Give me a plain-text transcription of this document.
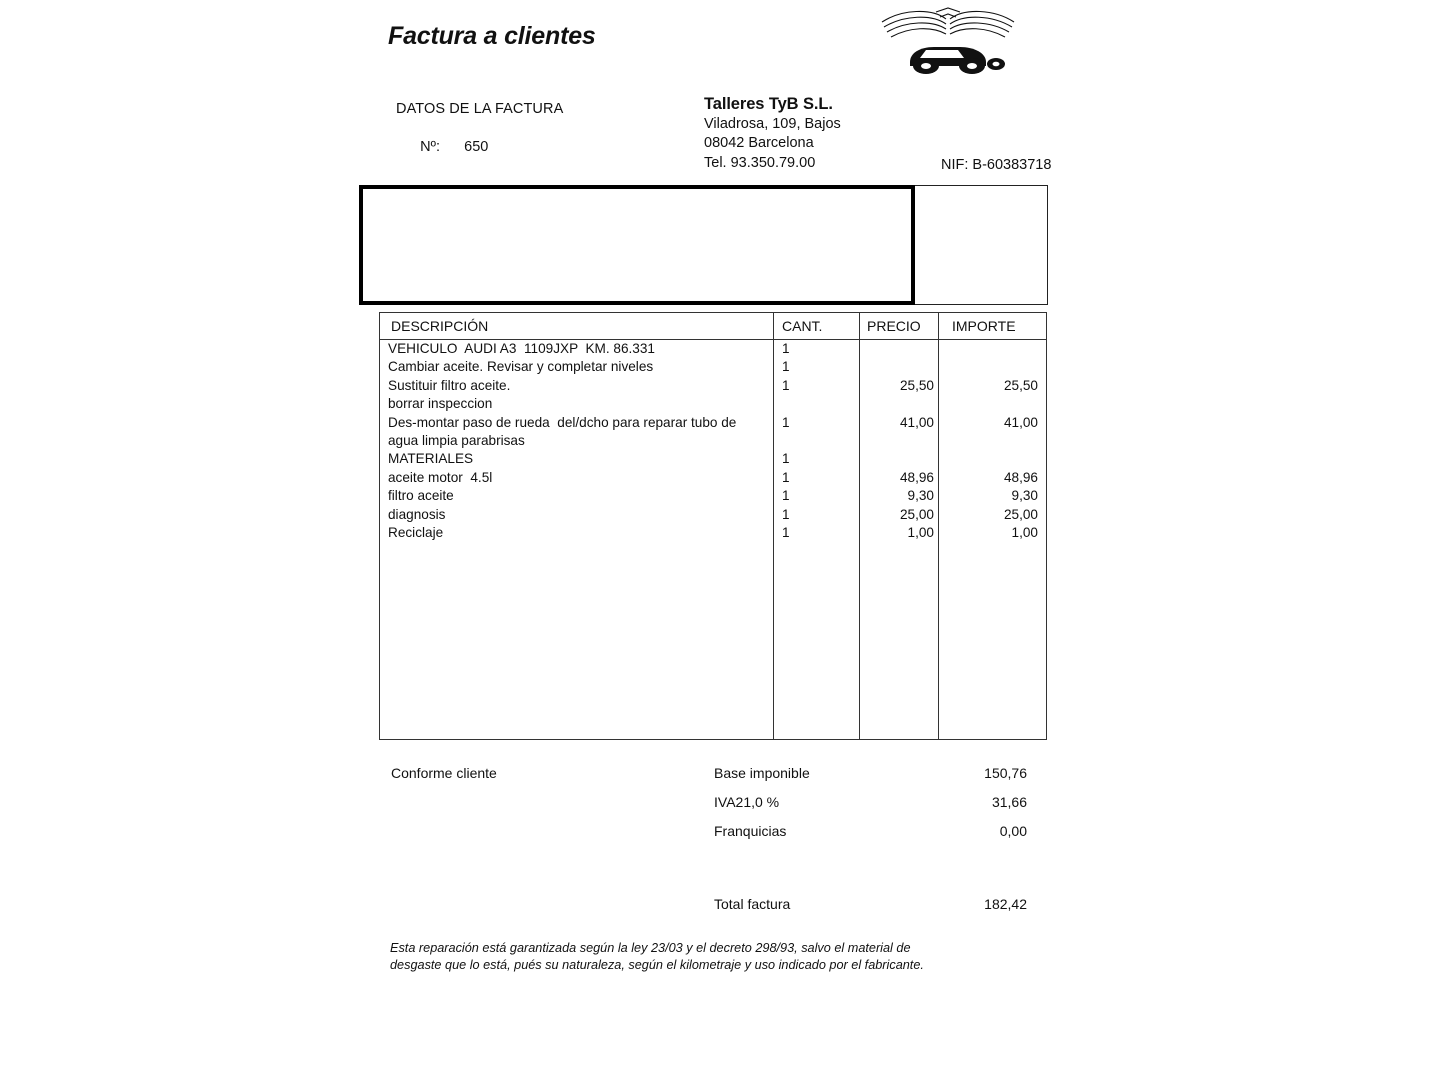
Factura a clientes
DATOS DE LA FACTURA

Nº: 650

Talleres TyB S.L.
Viladrosa, 109, Bajos
08042 Barcelona
Tel. 93.350.79.00	NIF: B-60383718
DESCRIPCIÓN	CANT.	PRECIO IMPORTE
VEHICULO  AUDI A3  1109JXP  KM. 86.331	1
Cambiar aceite. Revisar y completar niveles	1
Sustituir filtro aceite.	1	25,50	25,50
borrar inspeccion
Des-montar paso de rueda  del/dcho para reparar tubo de	1	41,00	41,00
agua limpia parabrisas
MATERIALES	1
aceite motor  4.5l	1	48,96	48,96
filtro aceite	1	9,30	9,30
diagnosis	1	25,00	25,00
Reciclaje	1	1,00	1,00
Conforme cliente	Base imponible	150,76
IVA21,0 %	31,66
Franquicias	0,00
Total factura	182,42
Esta reparación está garantizada según la ley 23/03 y el decreto 298/93, salvo el material de
desgaste que lo está, pués su naturaleza, según el kilometraje y uso indicado por el fabricante.
